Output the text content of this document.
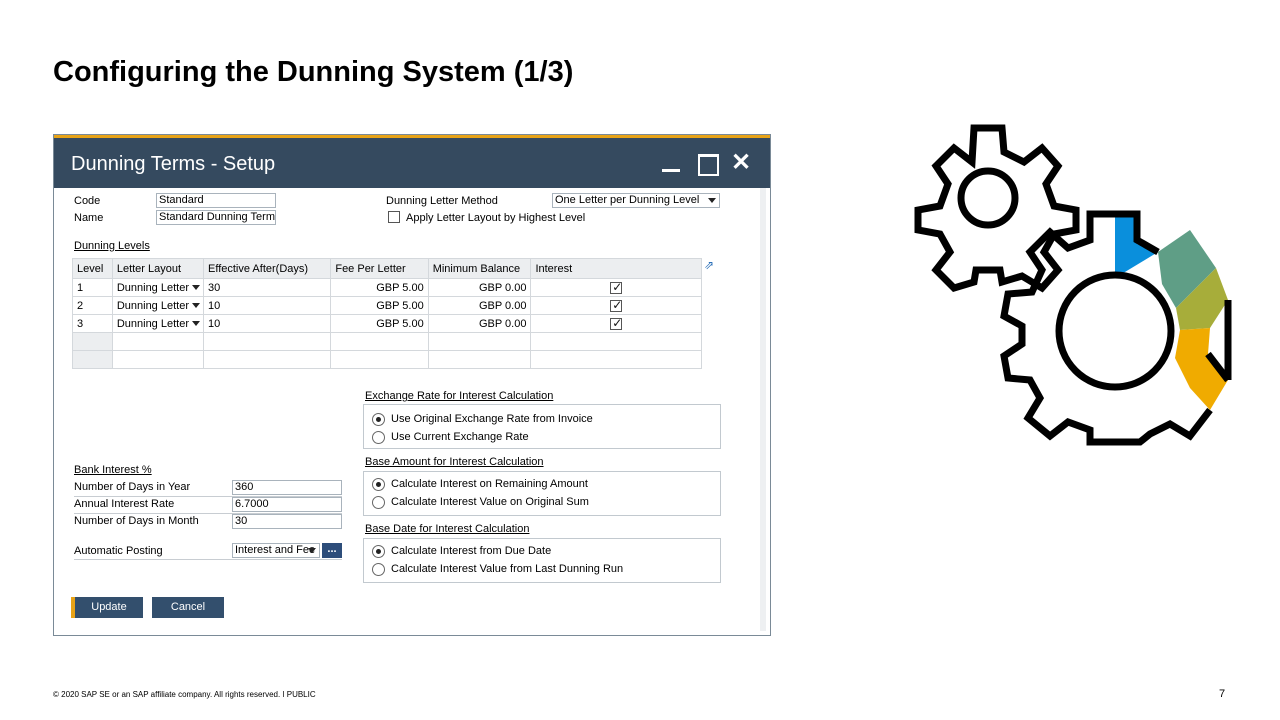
Configuring the Dunning System (1/3)
Dunning Terms - Setup	✕
Code	Standard
Name	Standard Dunning Term
Dunning Letter Method	One Letter per Dunning Level
Apply Letter Layout by Highest Level
Dunning Levels
Level	Letter Layout	Effective After(Days)	Fee Per Letter	Minimum Balance	Interest
1	Dunning Letter	30	GBP 5.00	GBP 0.00	✓
2	Dunning Letter	10	GBP 5.00	GBP 0.00	✓
3	Dunning Letter	10	GBP 5.00	GBP 0.00	✓

⇗
Exchange Rate for Interest Calculation
Use Original Exchange Rate from Invoice
Use Current Exchange Rate
Base Amount for Interest Calculation
Calculate Interest on Remaining Amount
Calculate Interest Value on Original Sum
Base Date for Interest Calculation
Calculate Interest from Due Date
Calculate Interest Value from Last Dunning Run
Bank Interest %
Number of Days in Year	360
Annual Interest Rate	6.7000
Number of Days in Month	30
Automatic Posting	Interest and Fee	...
Update	Cancel
© 2020 SAP SE or an SAP affiliate company. All rights reserved. ǀ PUBLIC	7
